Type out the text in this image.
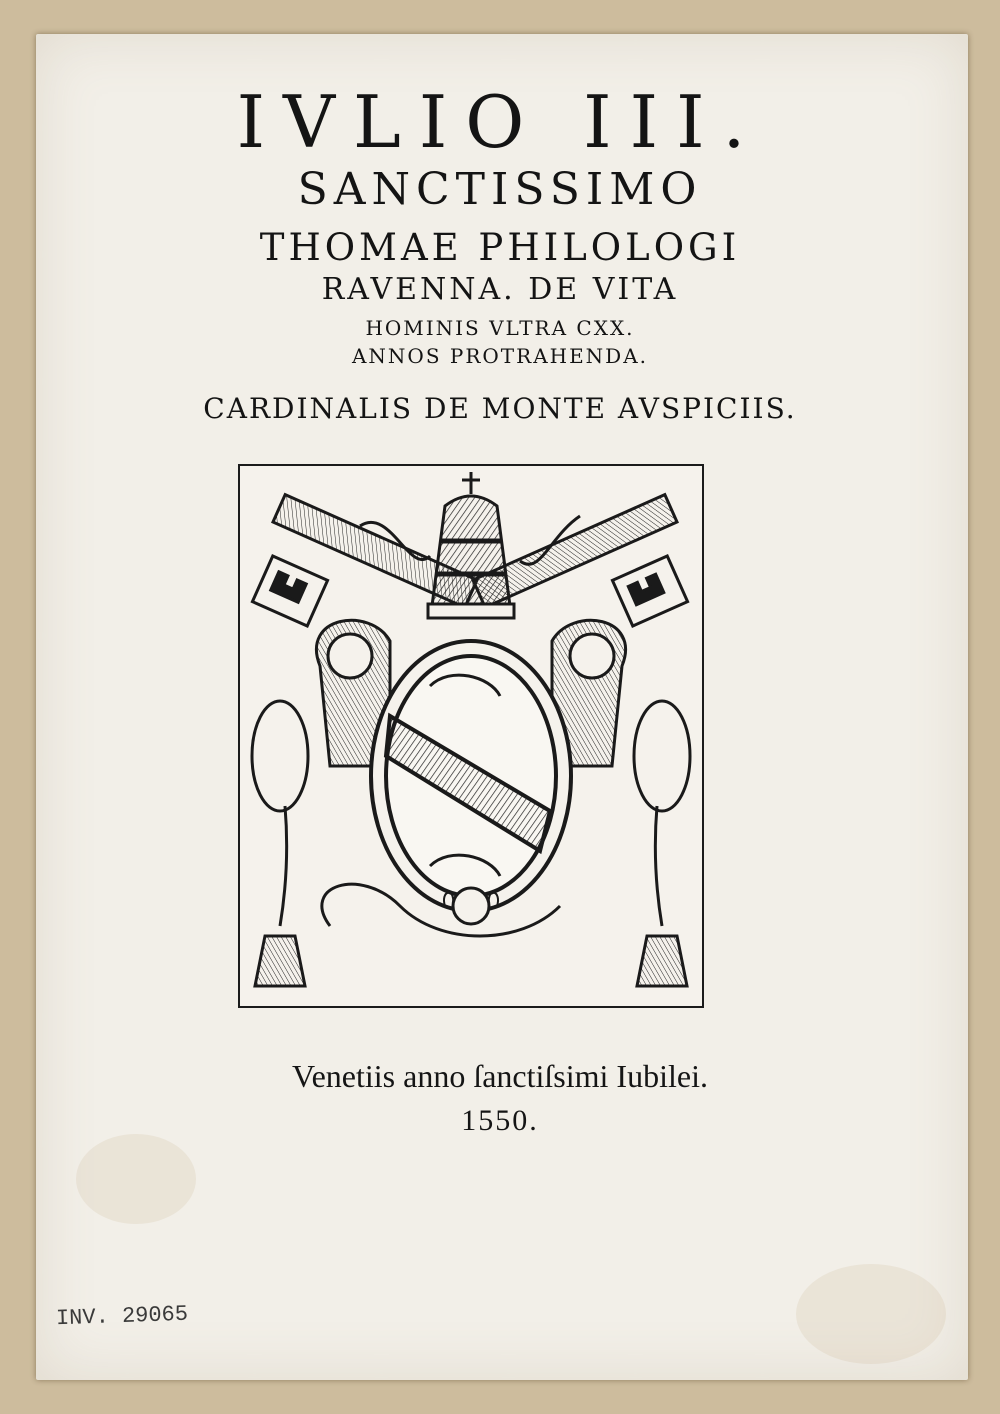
IVLIO III.
SANCTISSIMO
THOMAE PHILOLOGI
RAVENNA. DE VITA
HOMINIS VLTRA CXX.
ANNOS PROTRAHENDA.
CARDINALIS DE MONTE AVSPICIIS.
Venetiis anno ſanctiſsimi Iubilei.
1550.
INV. 29065
